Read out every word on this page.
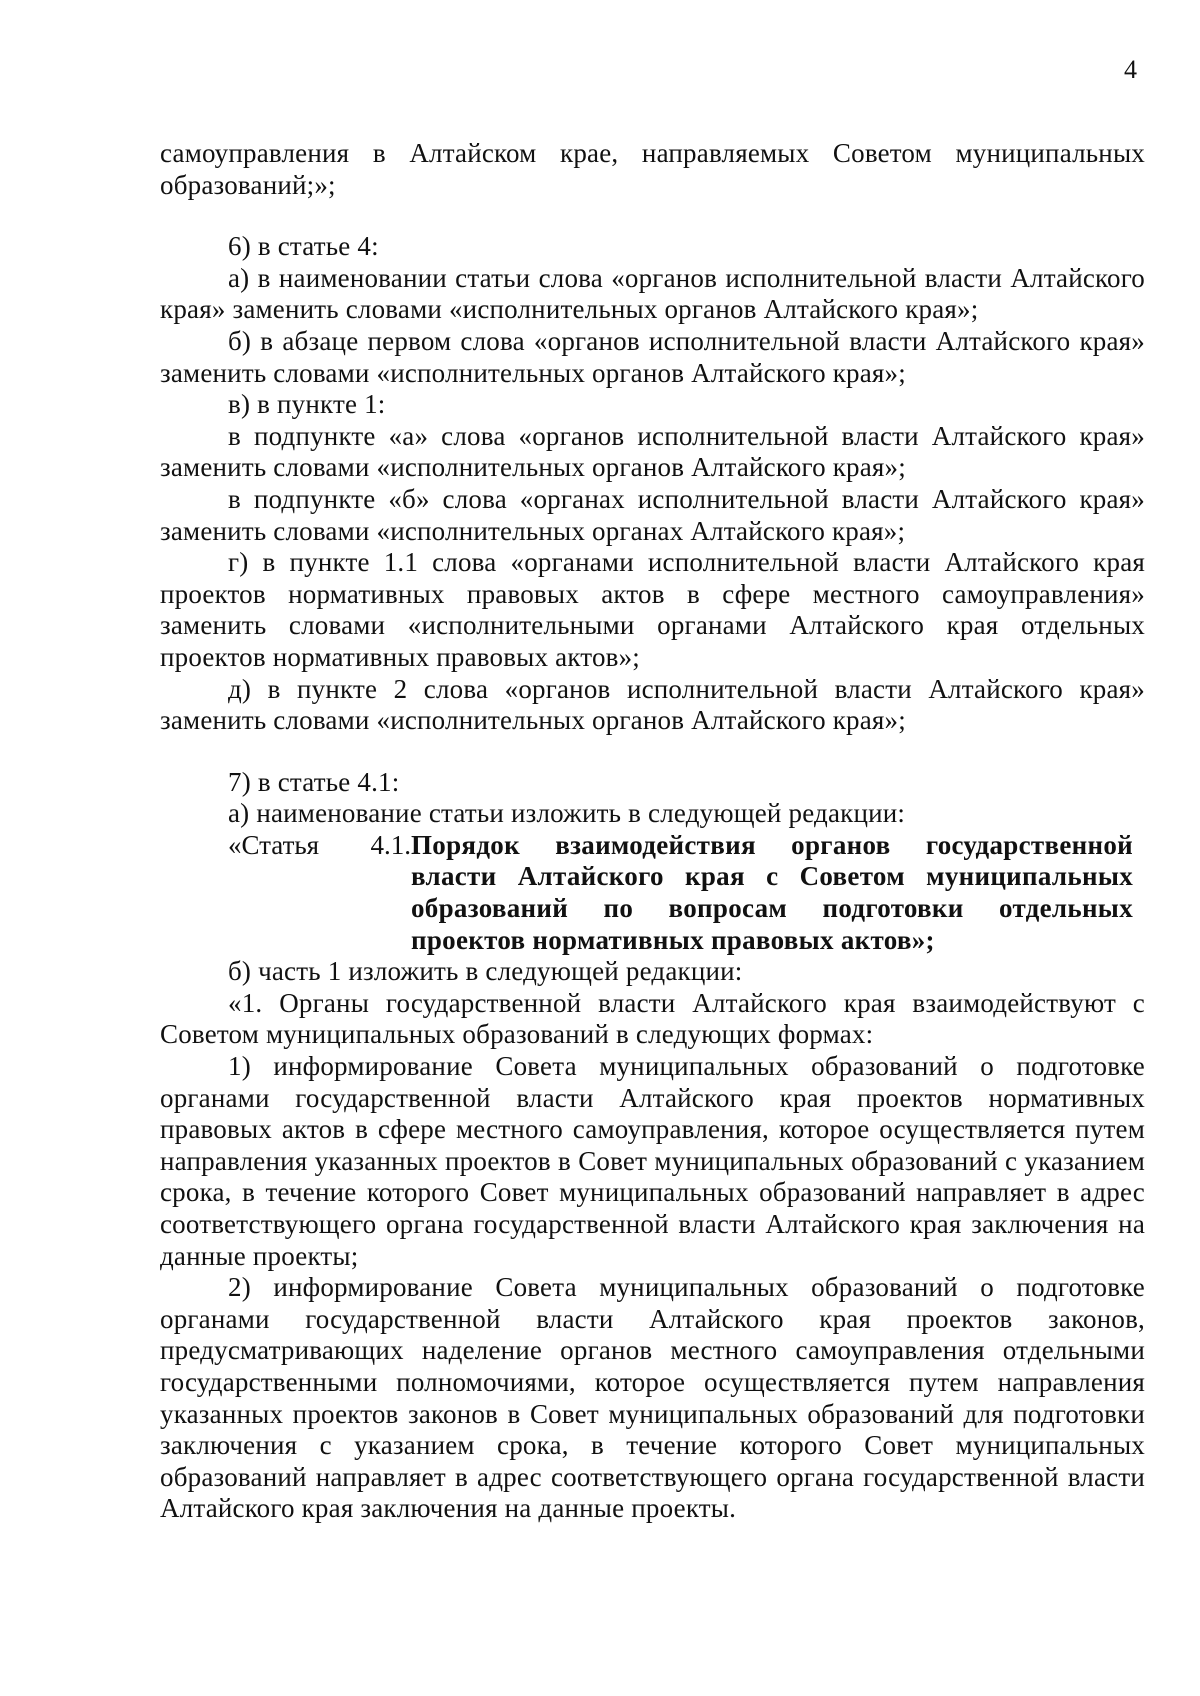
4

самоуправления в Алтайском крае, направляемых Советом муниципальных образований;»;

6) в статье 4:

а) в наименовании статьи слова «органов исполнительной власти Алтайского края» заменить словами «исполнительных органов Алтайского края»;

б) в абзаце первом слова «органов исполнительной власти Алтайского края» заменить словами «исполнительных органов Алтайского края»;

в) в пункте 1:

в подпункте «а» слова «органов исполнительной власти Алтайского края» заменить словами «исполнительных органов Алтайского края»;

в подпункте «б» слова «органах исполнительной власти Алтайского края» заменить словами «исполнительных органах Алтайского края»;

г) в пункте 1.1 слова «органами исполнительной власти Алтайского края проектов нормативных правовых актов в сфере местного самоуправления» заменить словами «исполнительными органами Алтайского края отдельных проектов нормативных правовых актов»;

д) в пункте 2 слова «органов исполнительной власти Алтайского края» заменить словами «исполнительных органов Алтайского края»;

7) в статье 4.1:

а) наименование статьи изложить в следующей редакции:

«Статья 4.1. Порядок взаимодействия органов государственной власти Алтайского края с Советом муниципальных образований по вопросам подготовки отдельных проектов нормативных правовых актов»;

б) часть 1 изложить в следующей редакции:

«1. Органы государственной власти Алтайского края взаимодействуют с Советом муниципальных образований в следующих формах:

1) информирование Совета муниципальных образований о подготовке органами государственной власти Алтайского края проектов нормативных правовых актов в сфере местного самоуправления, которое осуществляется путем направления указанных проектов в Совет муниципальных образований с указанием срока, в течение которого Совет муниципальных образований направляет в адрес соответствующего органа государственной власти Алтайского края заключения на данные проекты;

2) информирование Совета муниципальных образований о подготовке органами государственной власти Алтайского края проектов законов, предусматривающих наделение органов местного самоуправления отдельными государственными полномочиями, которое осуществляется путем направления указанных проектов законов в Совет муниципальных образований для подготовки заключения с указанием срока, в течение которого Совет муниципальных образований направляет в адрес соответствующего органа государственной власти Алтайского края заключения на данные проекты.
